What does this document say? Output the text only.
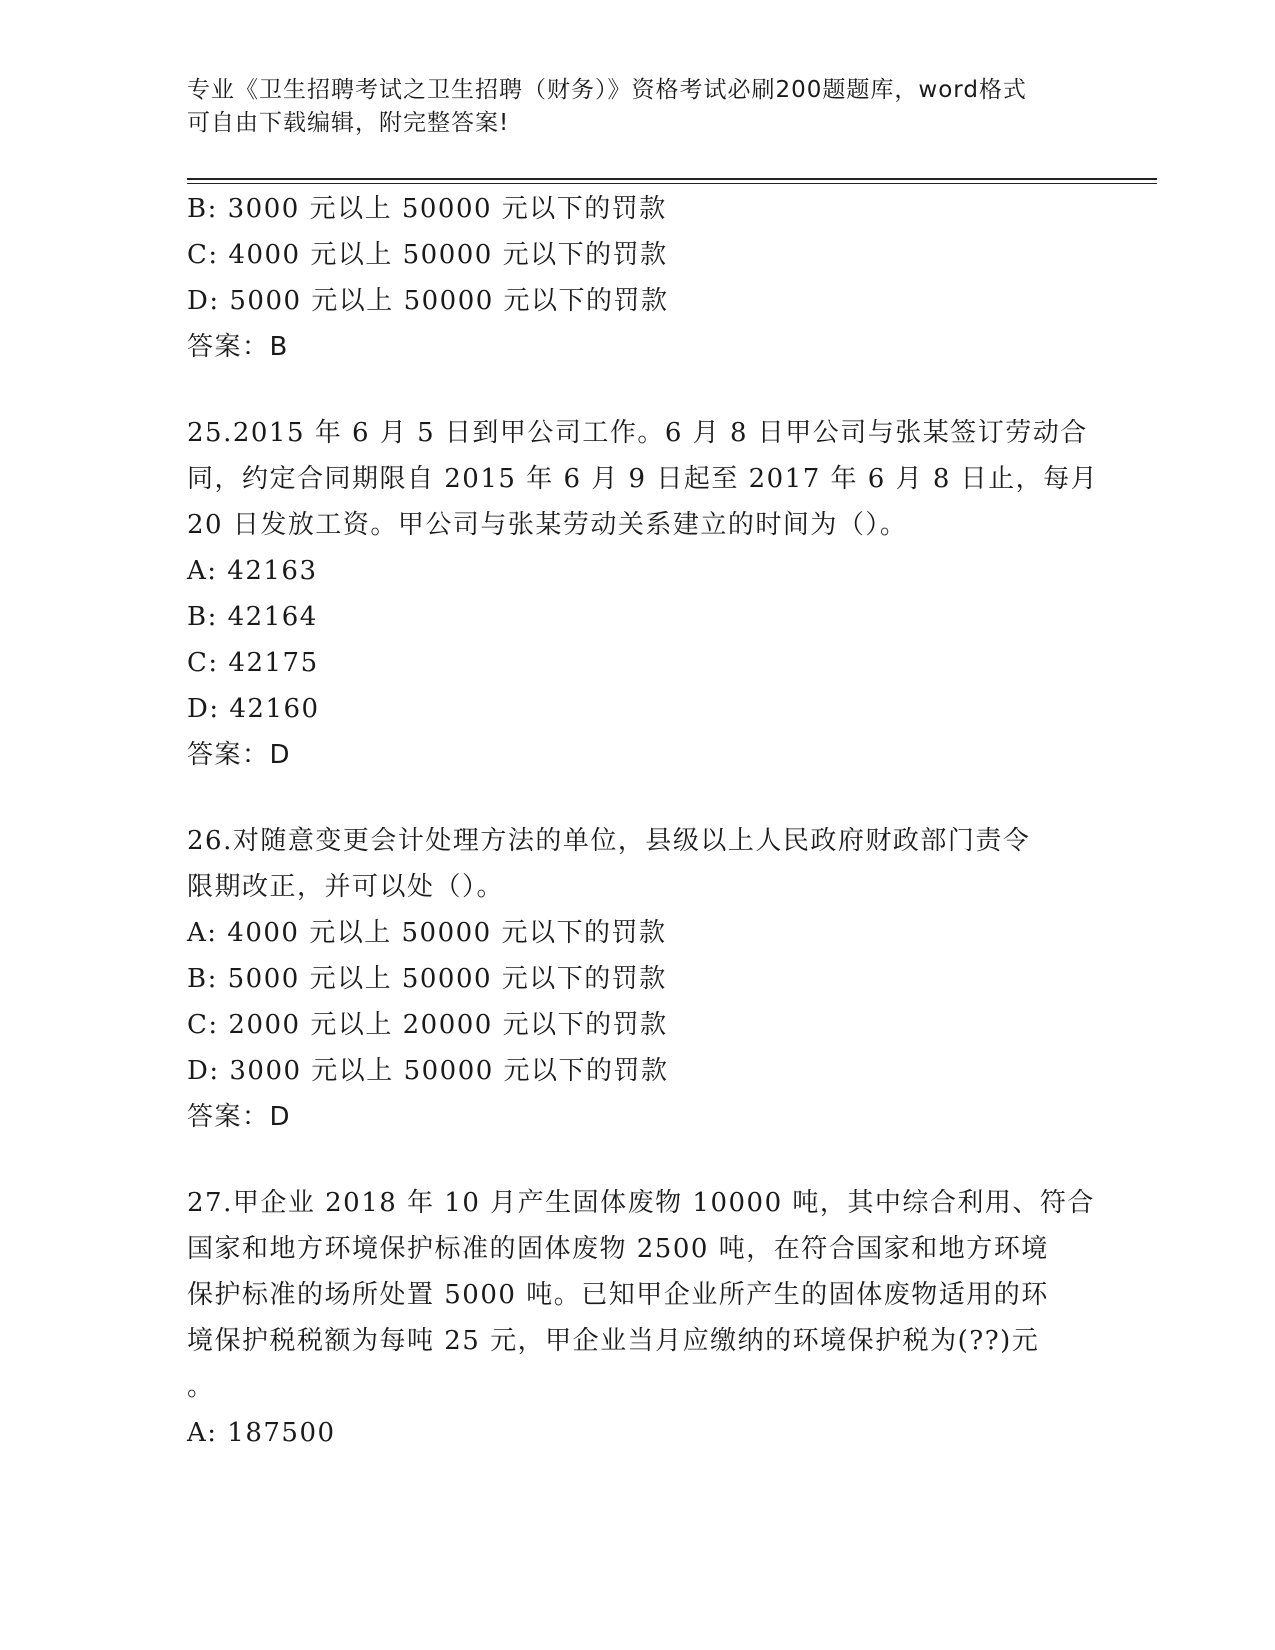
专业《卫生招聘考试之卫生招聘（财务）》资格考试必刷200题题库，word格式
可自由下载编辑，附完整答案!
B: 3000 元以上 50000 元以下的罚款
C: 4000 元以上 50000 元以下的罚款
D: 5000 元以上 50000 元以下的罚款
答案：B
25.2015 年 6 月 5 日到甲公司工作。6 月 8 日甲公司与张某签订劳动合
同，约定合同期限自 2015 年 6 月 9 日起至 2017 年 6 月 8 日止，每月
20 日发放工资。甲公司与张某劳动关系建立的时间为（）。
A: 42163
B: 42164
C: 42175
D: 42160
答案：D
26.对随意变更会计处理方法的单位，县级以上人民政府财政部门责令
限期改正，并可以处（）。
A: 4000 元以上 50000 元以下的罚款
B: 5000 元以上 50000 元以下的罚款
C: 2000 元以上 20000 元以下的罚款
D: 3000 元以上 50000 元以下的罚款
答案：D
27.甲企业 2018 年 10 月产生固体废物 10000 吨，其中综合利用、符合
国家和地方环境保护标准的固体废物 2500 吨，在符合国家和地方环境
保护标准的场所处置 5000 吨。已知甲企业所产生的固体废物适用的环
境保护税税额为每吨 25 元，甲企业当月应缴纳的环境保护税为(??)元
。
A: 187500
